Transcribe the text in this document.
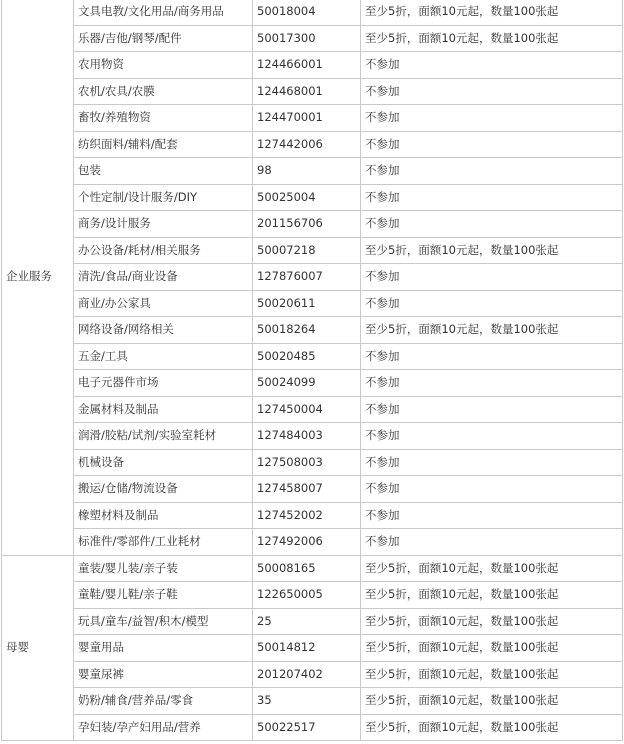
企业服务	文具电教/文化用品/商务用品	50018004	至少5折，面额10元起，数量100张起
	乐器/吉他/钢琴/配件	50017300	至少5折，面额10元起，数量100张起
	农用物资	124466001	不参加
	农机/农具/农膜	124468001	不参加
	畜牧/养殖物资	124470001	不参加
	纺织面料/辅料/配套	127442006	不参加
	包装	98	不参加
	个性定制/设计服务/DIY	50025004	不参加
	商务/设计服务	201156706	不参加
	办公设备/耗材/相关服务	50007218	至少5折，面额10元起，数量100张起
	清洗/食品/商业设备	127876007	不参加
	商业/办公家具	50020611	不参加
	网络设备/网络相关	50018264	至少5折，面额10元起，数量100张起
	五金/工具	50020485	不参加
	电子元器件市场	50024099	不参加
	金属材料及制品	127450004	不参加
	润滑/胶粘/试剂/实验室耗材	127484003	不参加
	机械设备	127508003	不参加
	搬运/仓储/物流设备	127458007	不参加
	橡塑材料及制品	127452002	不参加
	标准件/零部件/工业耗材	127492006	不参加
母婴	童装/婴儿装/亲子装	50008165	至少5折，面额10元起，数量100张起
	童鞋/婴儿鞋/亲子鞋	122650005	至少5折，面额10元起，数量100张起
	玩具/童车/益智/积木/模型	25	至少5折，面额10元起，数量100张起
	婴童用品	50014812	至少5折，面额10元起，数量100张起
	婴童尿裤	201207402	至少5折，面额10元起，数量100张起
	奶粉/辅食/营养品/零食	35	至少5折，面额10元起，数量100张起
	孕妇装/孕产妇用品/营养	50022517	至少5折，面额10元起，数量100张起
